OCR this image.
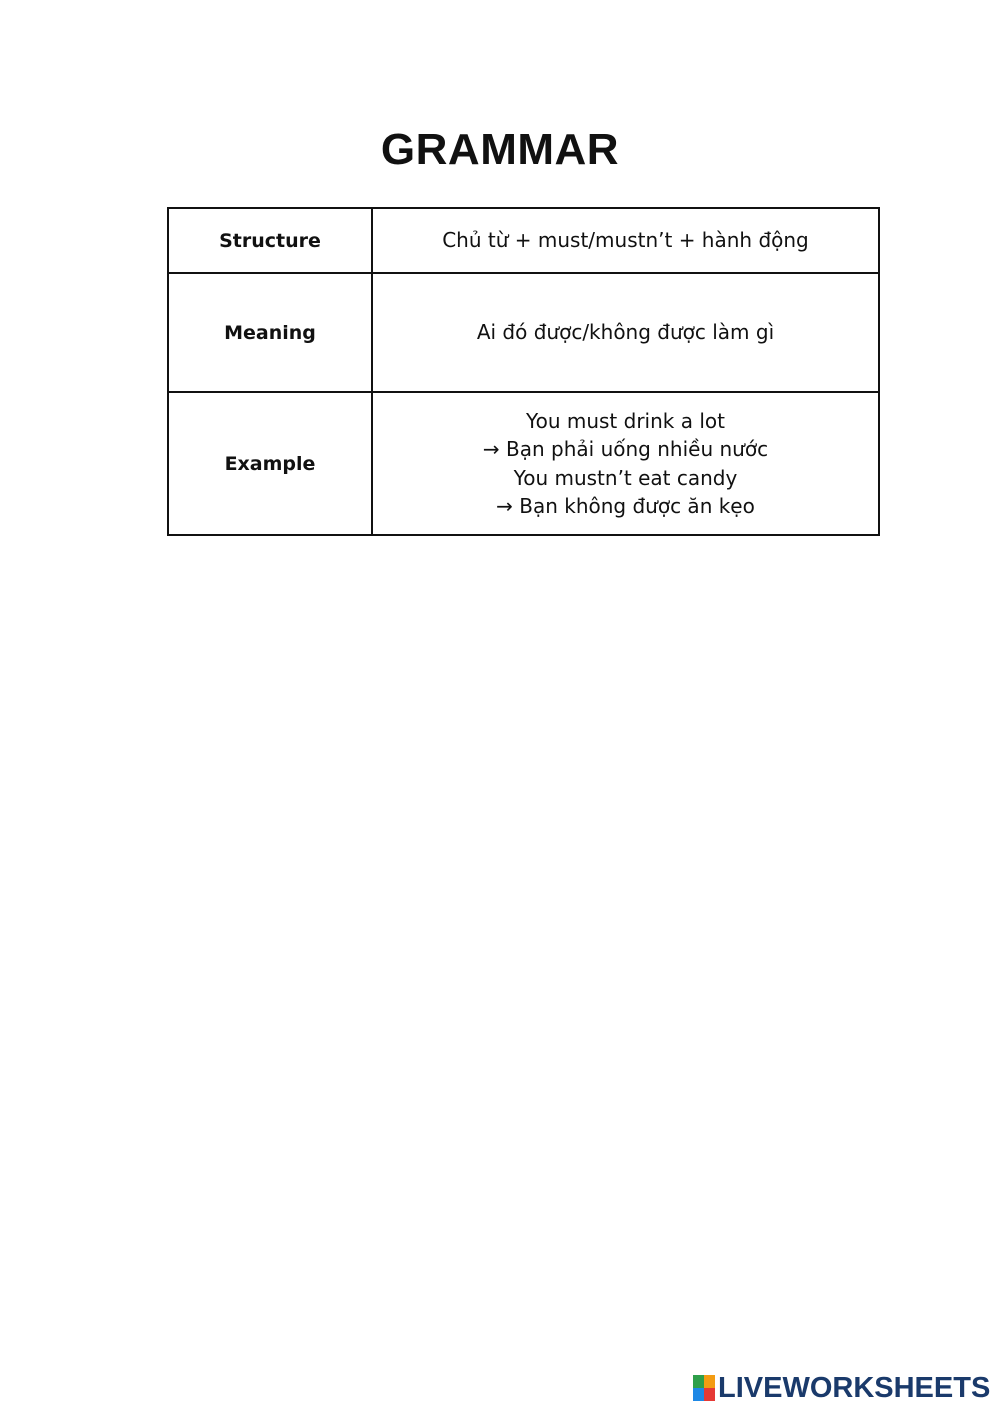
GRAMMAR
Structure	Chủ từ + must/mustn’t + hành động
Meaning	Ai đó được/không được làm gì
Example	You must drink a lot
→ Bạn phải uống nhiều nước
You mustn’t eat candy
→ Bạn không được ăn kẹo
LIVEWORKSHEETS
